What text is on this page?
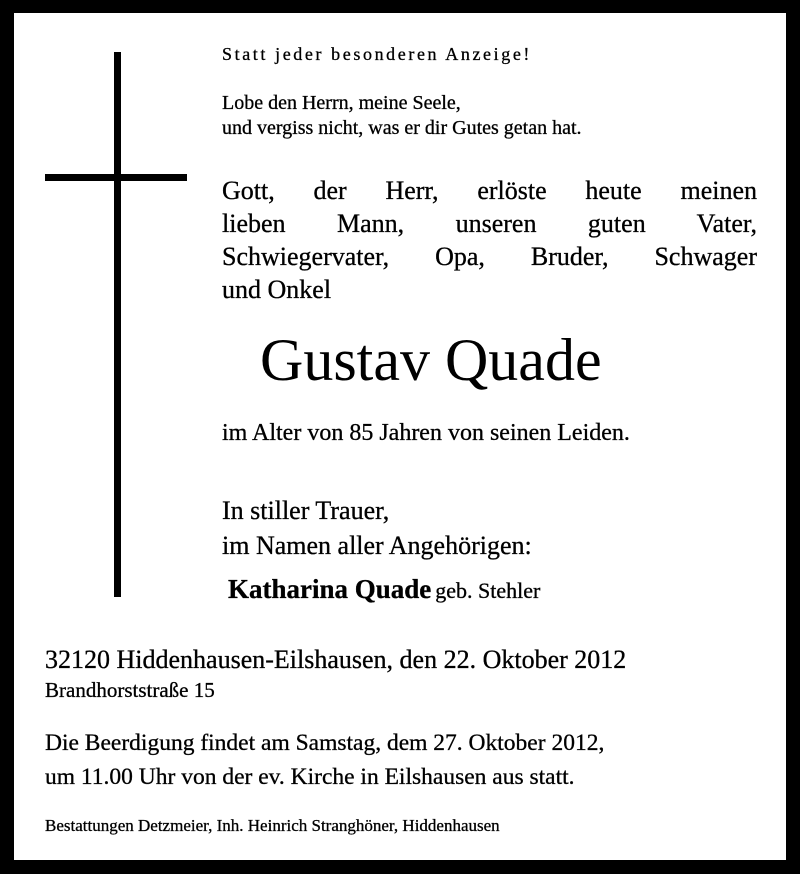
Statt jeder besonderen Anzeige!
Lobe den Herrn, meine Seele,
und vergiss nicht, was er dir Gutes getan hat.
Gott, der Herr, erlöste heute meinen
lieben Mann, unseren guten Vater,
Schwiegervater, Opa, Bruder, Schwager
und Onkel
Gustav Quade
im Alter von 85 Jahren von seinen Leiden.
In stiller Trauer,
im Namen aller Angehörigen:
Katharina Quade geb. Stehler
32120 Hiddenhausen-Eilshausen, den 22. Oktober 2012
Brandhorststraße 15
Die Beerdigung findet am Samstag, dem 27. Oktober 2012,
um 11.00 Uhr von der ev. Kirche in Eilshausen aus statt.
Bestattungen Detzmeier, Inh. Heinrich Stranghöner, Hiddenhausen
